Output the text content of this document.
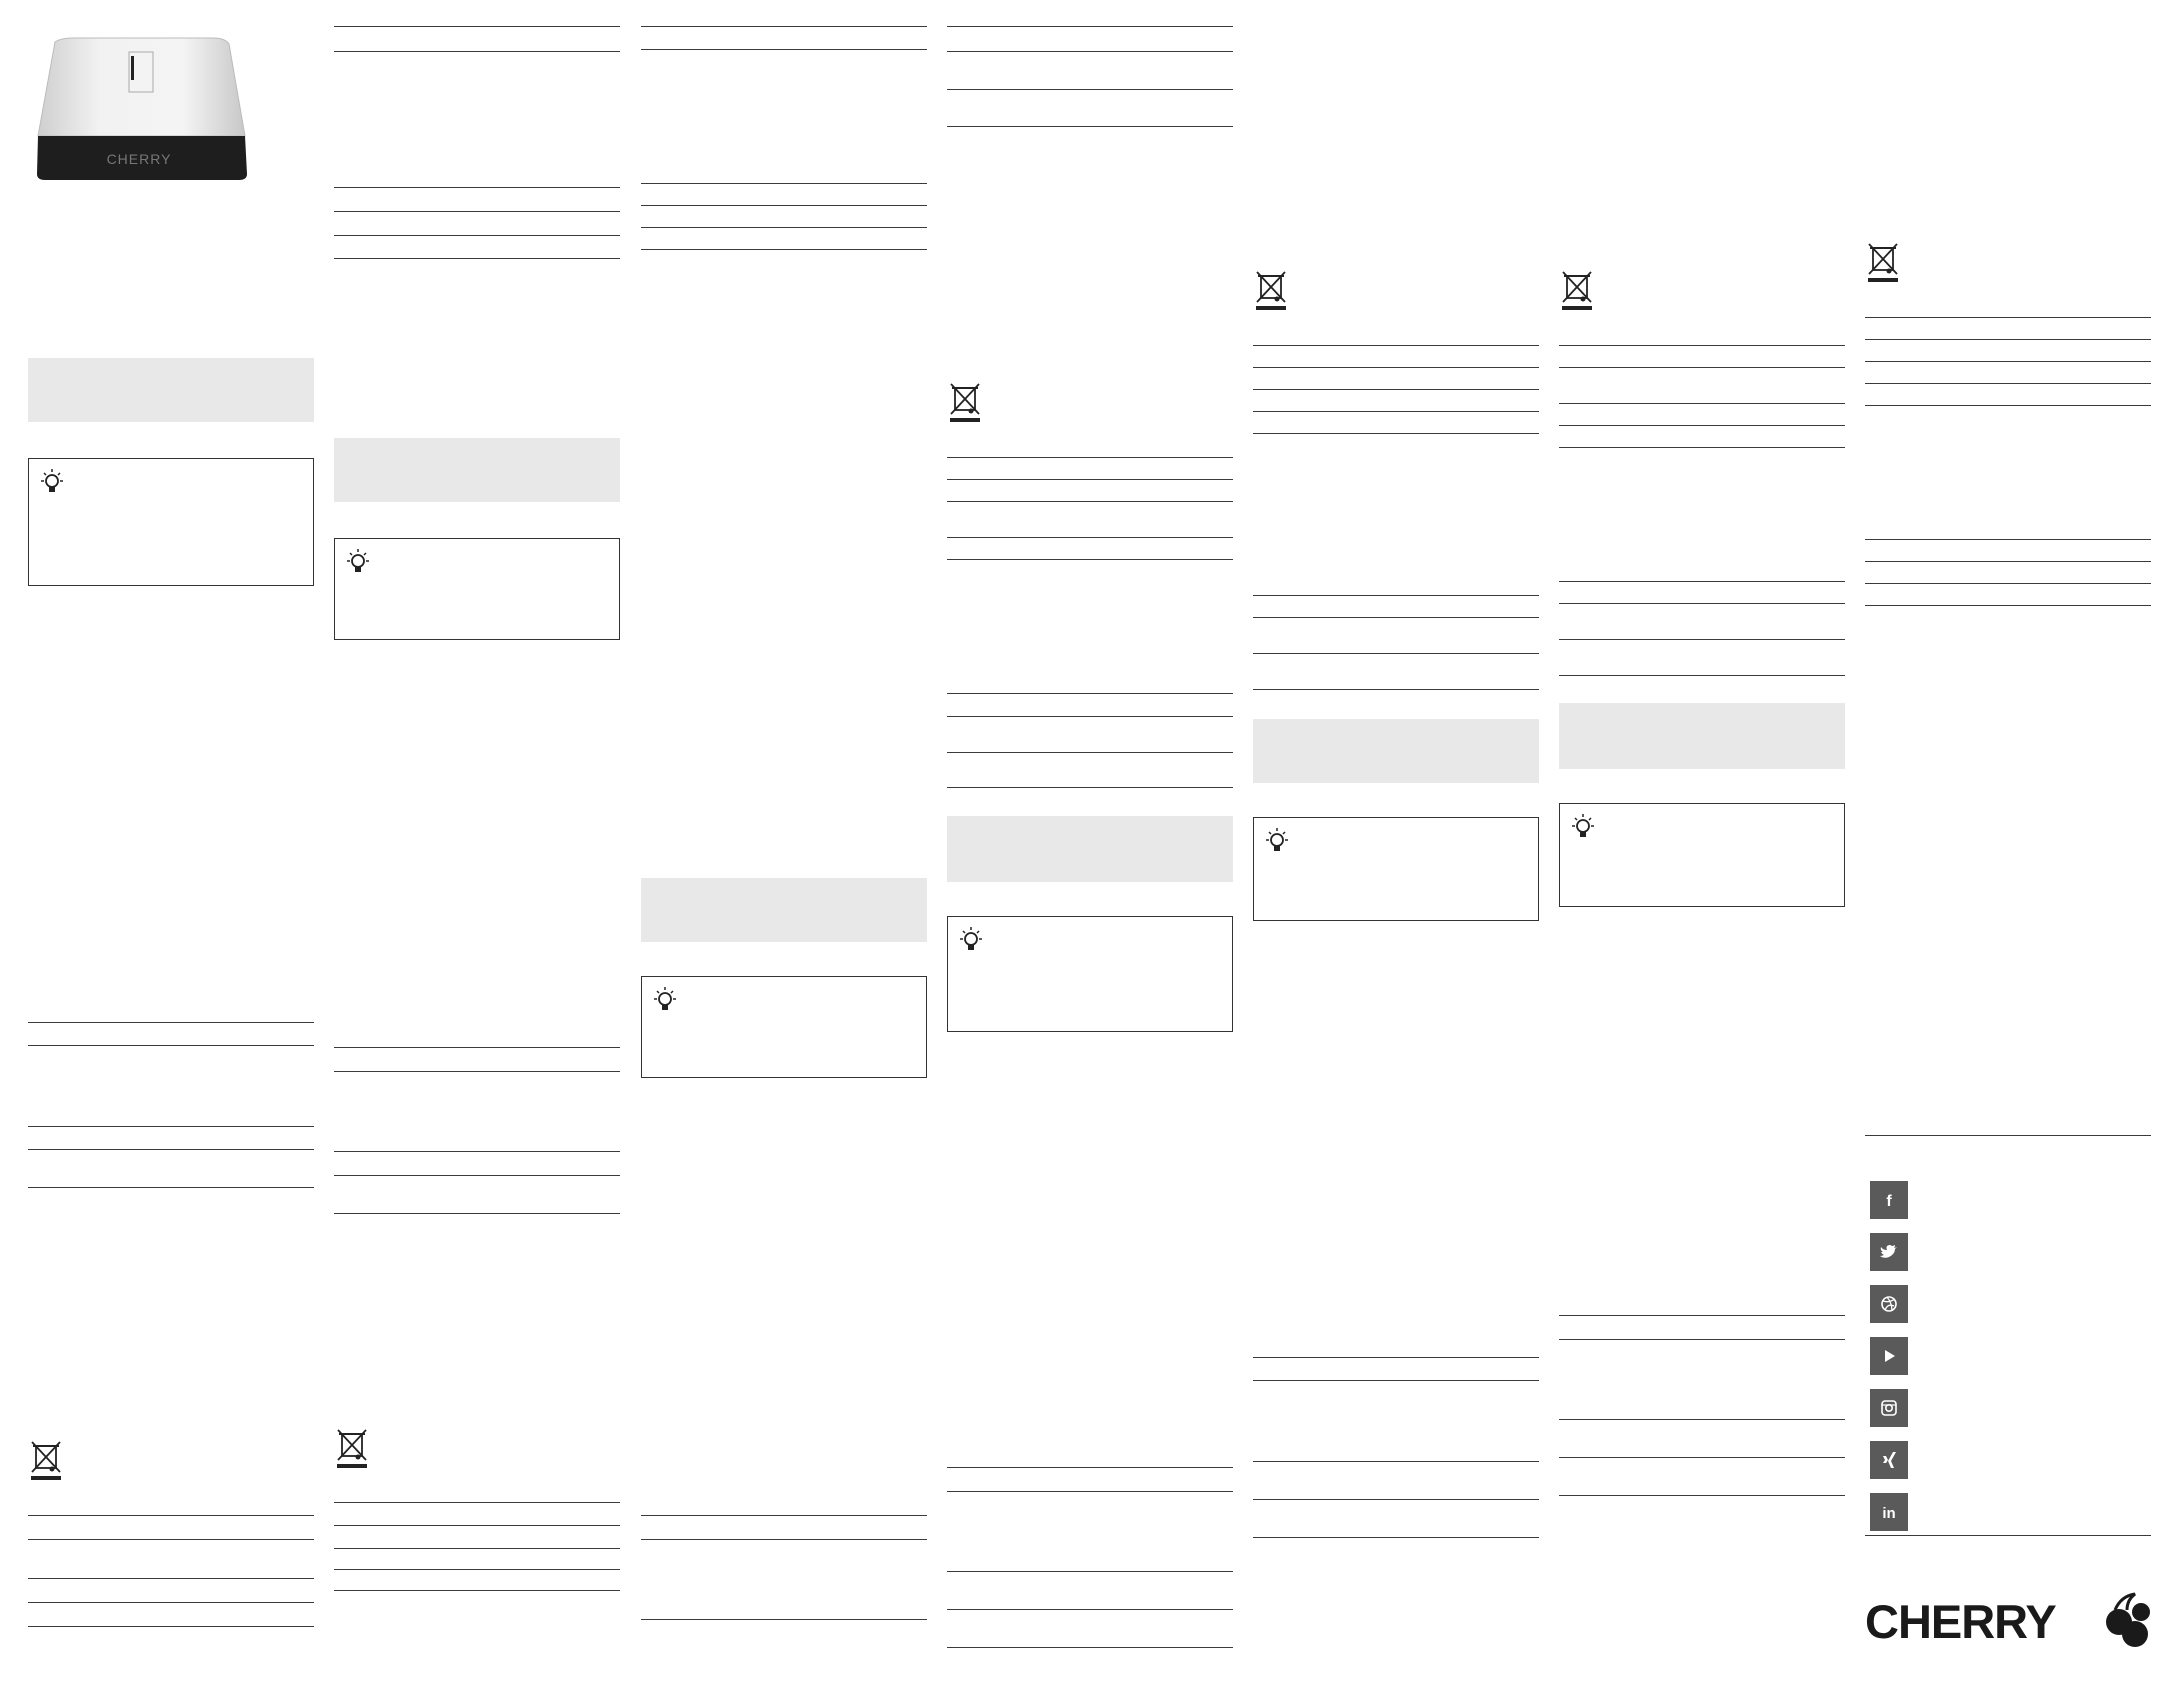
CHERRY
f
in
CHERRY
